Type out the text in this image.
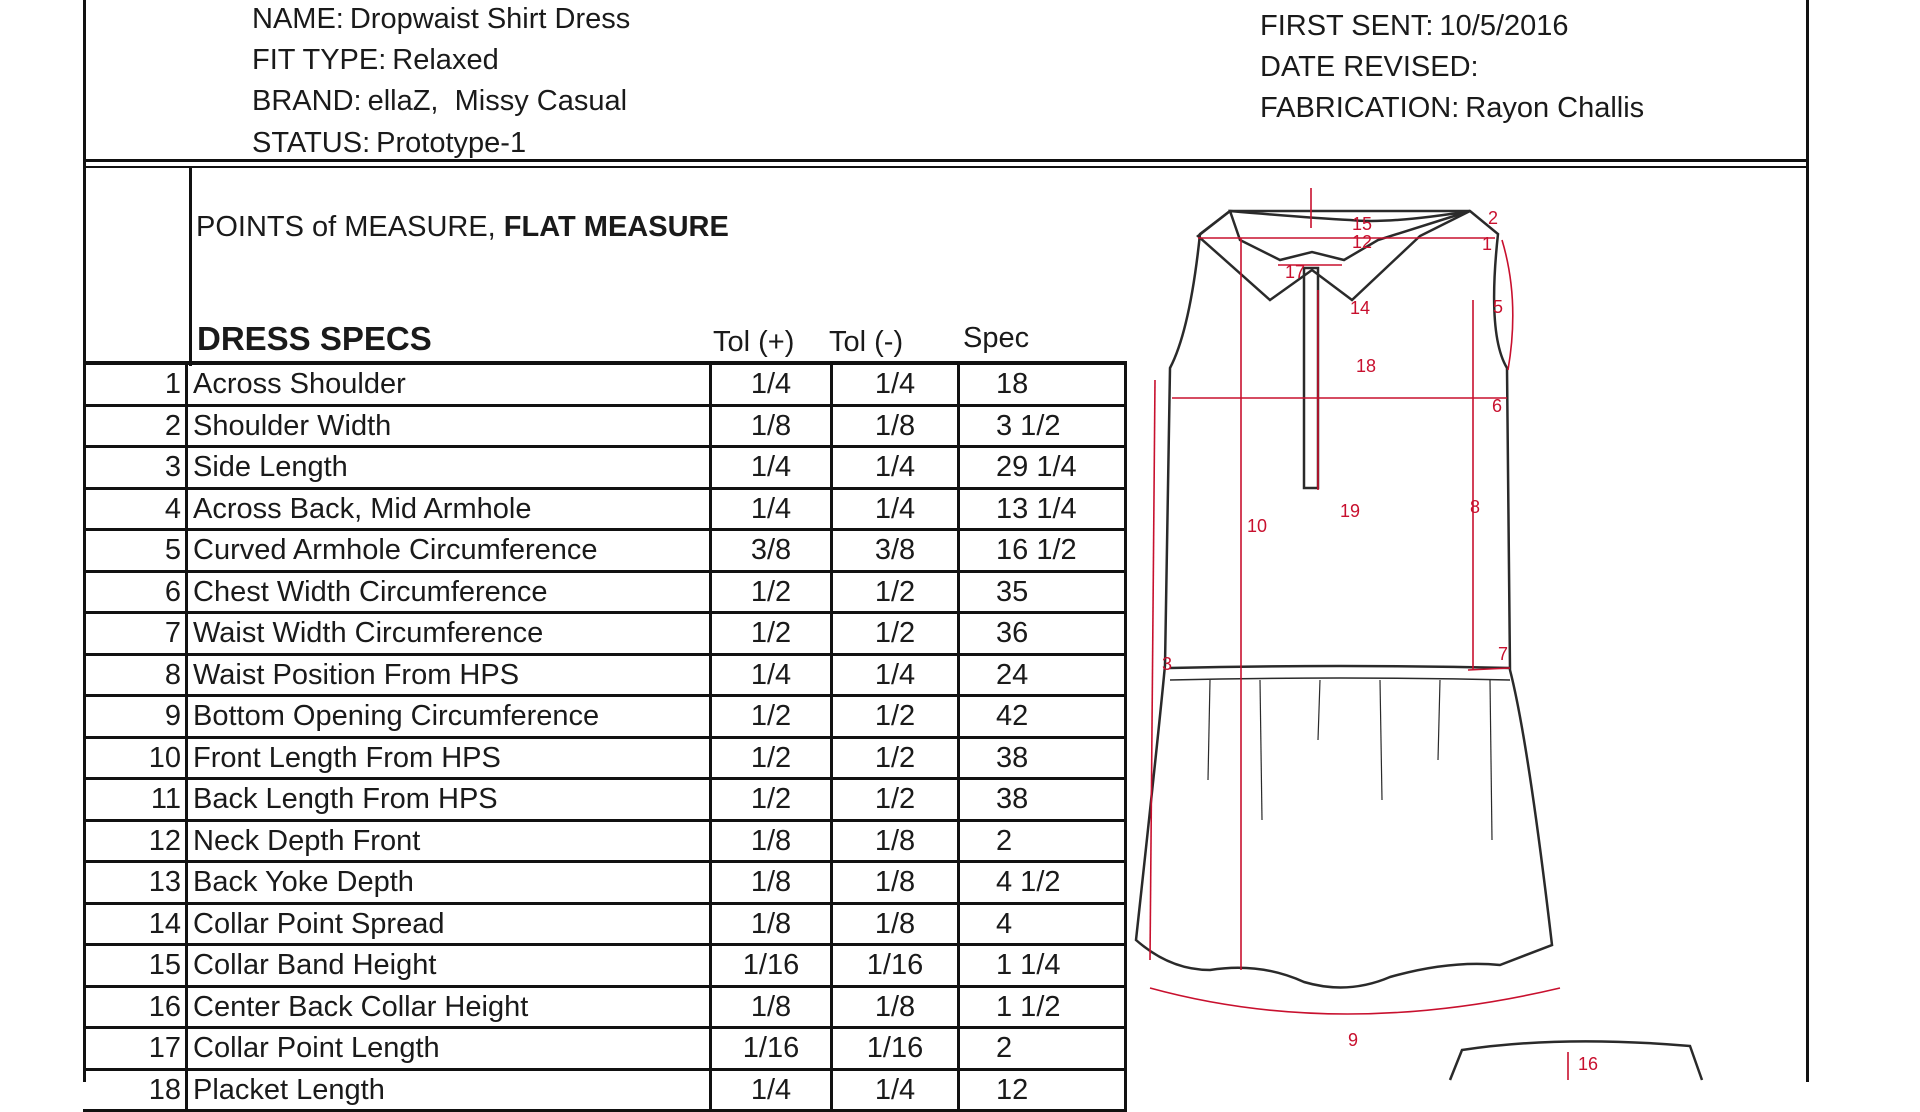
NAME: Dropwaist Shirt Dress
FIT TYPE: Relaxed
BRAND: ellaZ,  Missy Casual
STATUS: Prototype-1
FIRST SENT: 10/5/2016
DATE REVISED:
FABRICATION: Rayon Challis
POINTS of MEASURE, FLAT MEASURE
DRESS SPECS	Tol (+) Tol (-) Spec
1	Across Shoulder	1/4	1/4	18
2	Shoulder Width	1/8	1/8	3 1/2
3	Side Length	1/4	1/4	29 1/4
4	Across Back, Mid Armhole	1/4	1/4	13 1/4
5	Curved Armhole Circumference	3/8	3/8	16 1/2
6	Chest Width Circumference	1/2	1/2	35
7	Waist Width Circumference	1/2	1/2	36
8	Waist Position From HPS	1/4	1/4	24
9	Bottom Opening Circumference	1/2	1/2	42
10	Front Length From HPS	1/2	1/2	38
11	Back Length From HPS	1/2	1/2	38
12	Neck Depth Front	1/8	1/8	2
13	Back Yoke Depth	1/8	1/8	4 1/2
14	Collar Point Spread	1/8	1/8	4
15	Collar Band Height	1/16	1/16	1 1/4
16	Center Back Collar Height	1/8	1/8	1 1/2
17	Collar Point Length	1/16	1/16	2
18	Placket Length	1/4	1/4	12
2
1
3
5
6
7
8
9
10
12
14
15
17
18
19
16
